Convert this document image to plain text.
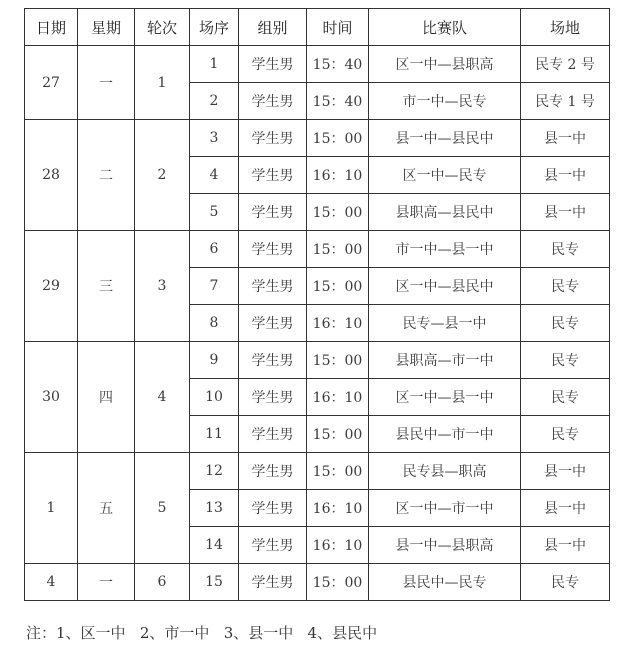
日期	星期	轮次	场序	组别	时间	比赛队	场地
27	一	1	1	学生男	15：40	区一中—县职高	民专 2 号
			2	学生男	15：40	市一中—民专	民专 1 号
28	二	2	3	学生男	15：00	县一中—县民中	县一中
			4	学生男	16：10	区一中—民专	县一中
			5	学生男	15：00	县职高—县民中	县一中
29	三	3	6	学生男	15：00	市一中—县一中	民专
			7	学生男	15：00	区一中—县民中	民专
			8	学生男	16：10	民专—县一中	民专
30	四	4	9	学生男	15：00	县职高—市一中	民专
			10	学生男	16：10	区一中—县一中	民专
			11	学生男	15：00	县民中—市一中	民专
1	五	5	12	学生男	15：00	民专县—职高	县一中
			13	学生男	16：10	区一中—市一中	县一中
			14	学生男	16：10	县一中—县职高	县一中
4	一	6	15	学生男	15：00	县民中—民专	民专
注：1、区一中   2、市一中   3、县一中   4、县民中
